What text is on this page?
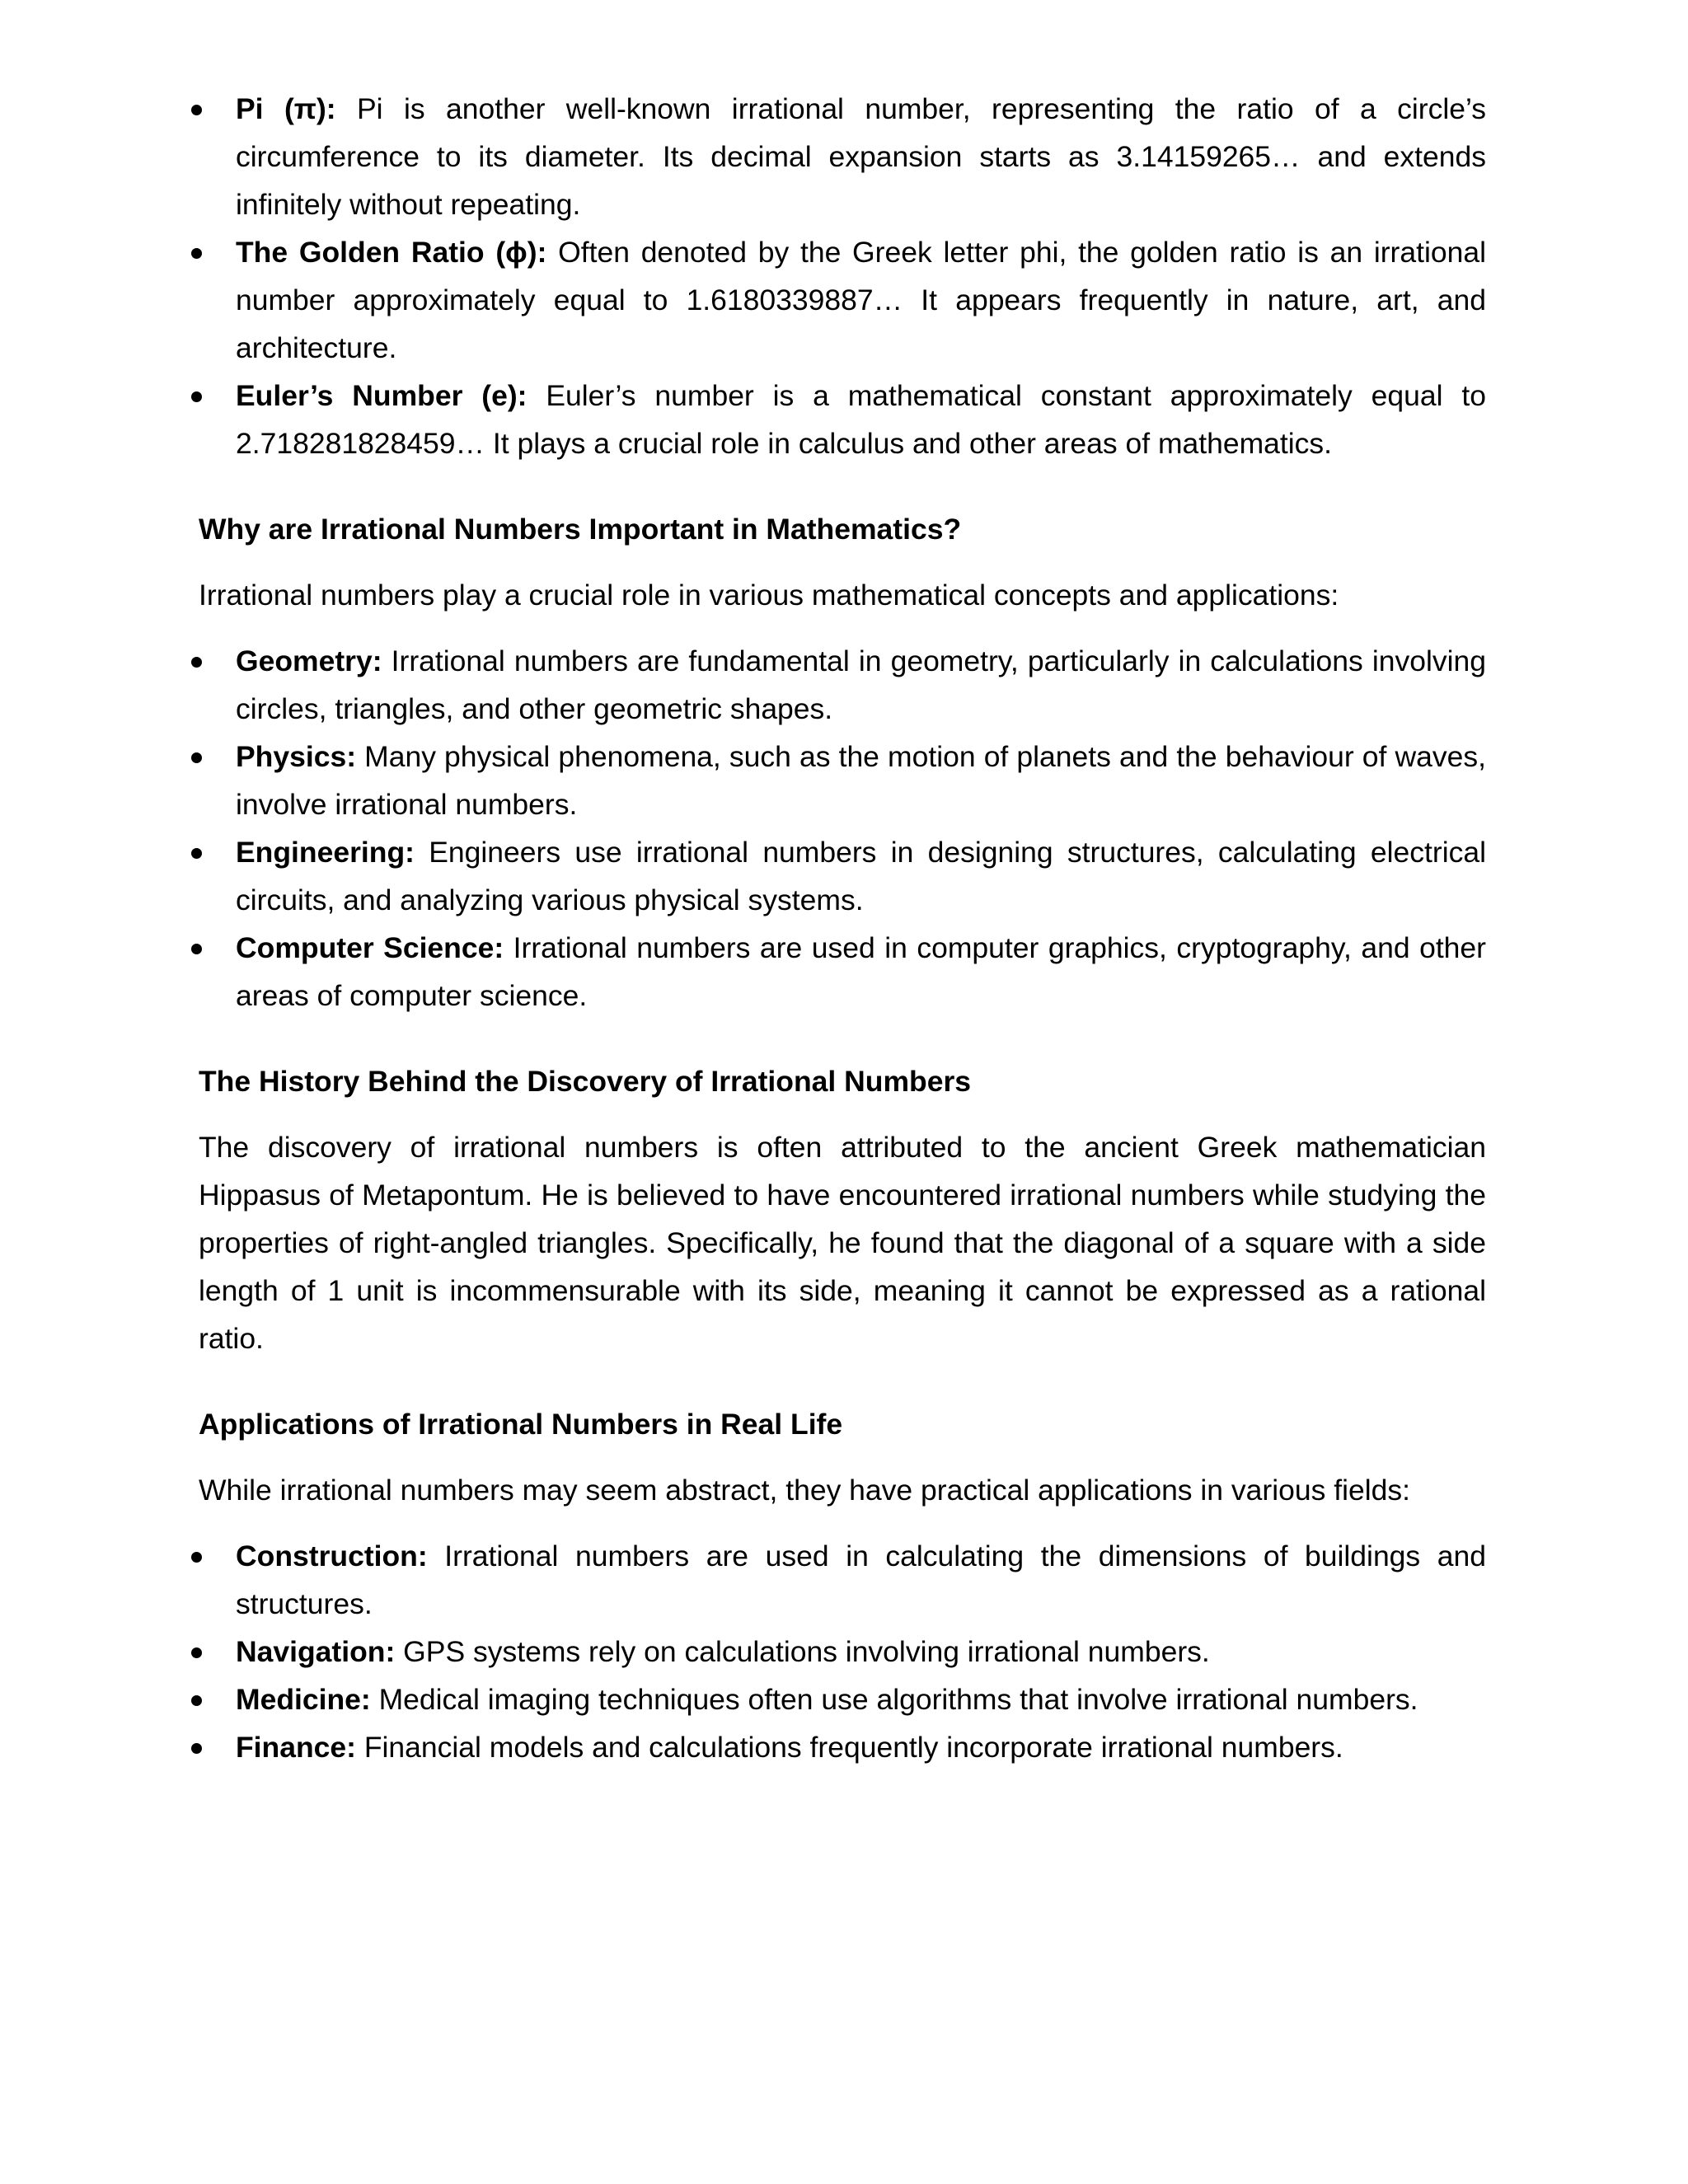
Pi (π): Pi is another well-known irrational number, representing the ratio of a circle’s circumference to its diameter. Its decimal expansion starts as 3.14159265… and extends infinitely without repeating.
The Golden Ratio (ϕ): Often denoted by the Greek letter phi, the golden ratio is an irrational number approximately equal to 1.6180339887… It appears frequently in nature, art, and architecture.
Euler’s Number (e): Euler’s number is a mathematical constant approximately equal to 2.718281828459… It plays a crucial role in calculus and other areas of mathematics.

Why are Irrational Numbers Important in Mathematics?

Irrational numbers play a crucial role in various mathematical concepts and applications:

Geometry: Irrational numbers are fundamental in geometry, particularly in calculations involving circles, triangles, and other geometric shapes.
Physics: Many physical phenomena, such as the motion of planets and the behaviour of waves, involve irrational numbers.
Engineering: Engineers use irrational numbers in designing structures, calculating electrical circuits, and analyzing various physical systems.
Computer Science: Irrational numbers are used in computer graphics, cryptography, and other areas of computer science.

The History Behind the Discovery of Irrational Numbers

The discovery of irrational numbers is often attributed to the ancient Greek mathematician Hippasus of Metapontum. He is believed to have encountered irrational numbers while studying the properties of right-angled triangles. Specifically, he found that the diagonal of a square with a side length of 1 unit is incommensurable with its side, meaning it cannot be expressed as a rational ratio.

Applications of Irrational Numbers in Real Life

While irrational numbers may seem abstract, they have practical applications in various fields:

Construction: Irrational numbers are used in calculating the dimensions of buildings and structures.
Navigation: GPS systems rely on calculations involving irrational numbers.
Medicine: Medical imaging techniques often use algorithms that involve irrational numbers.
Finance: Financial models and calculations frequently incorporate irrational numbers.
